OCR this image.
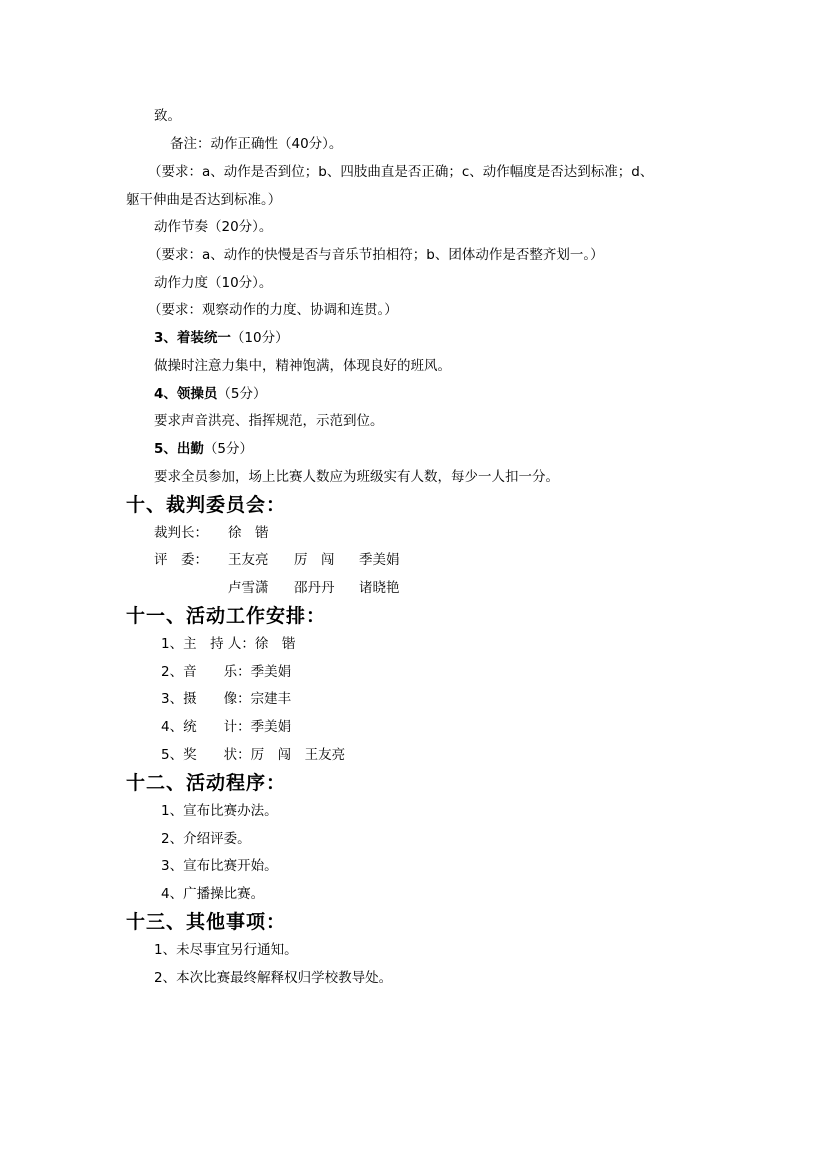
致。
备注：动作正确性（40分）。
（要求：a、动作是否到位；b、四肢曲直是否正确；c、动作幅度是否达到标准；d、
躯干伸曲是否达到标准。）
动作节奏（20分）。
（要求：a、动作的快慢是否与音乐节拍相符；b、团体动作是否整齐划一。）
动作力度（10分）。
（要求：观察动作的力度、协调和连贯。）
3、着装统一（10分）
做操时注意力集中，精神饱满，体现良好的班风。
4、领操员（5分）
要求声音洪亮、指挥规范，示范到位。
5、出勤（5分）
要求全员参加，场上比赛人数应为班级实有人数，每少一人扣一分。
十、裁判委员会：
裁判长： 徐　锴
评　委： 王友亮 厉　闯 季美娟
卢雪潇 邵丹丹 诸晓艳
十一、活动工作安排：
1、主　持 人：徐　锴
2、音　　乐：季美娟
3、摄　　像：宗建丰
4、统　　计：季美娟
5、奖　　状：厉　闯　王友亮
十二、活动程序：
1、宣布比赛办法。
2、介绍评委。
3、宣布比赛开始。
4、广播操比赛。
十三、其他事项：
1、未尽事宜另行通知。
2、本次比赛最终解释权归学校教导处。
